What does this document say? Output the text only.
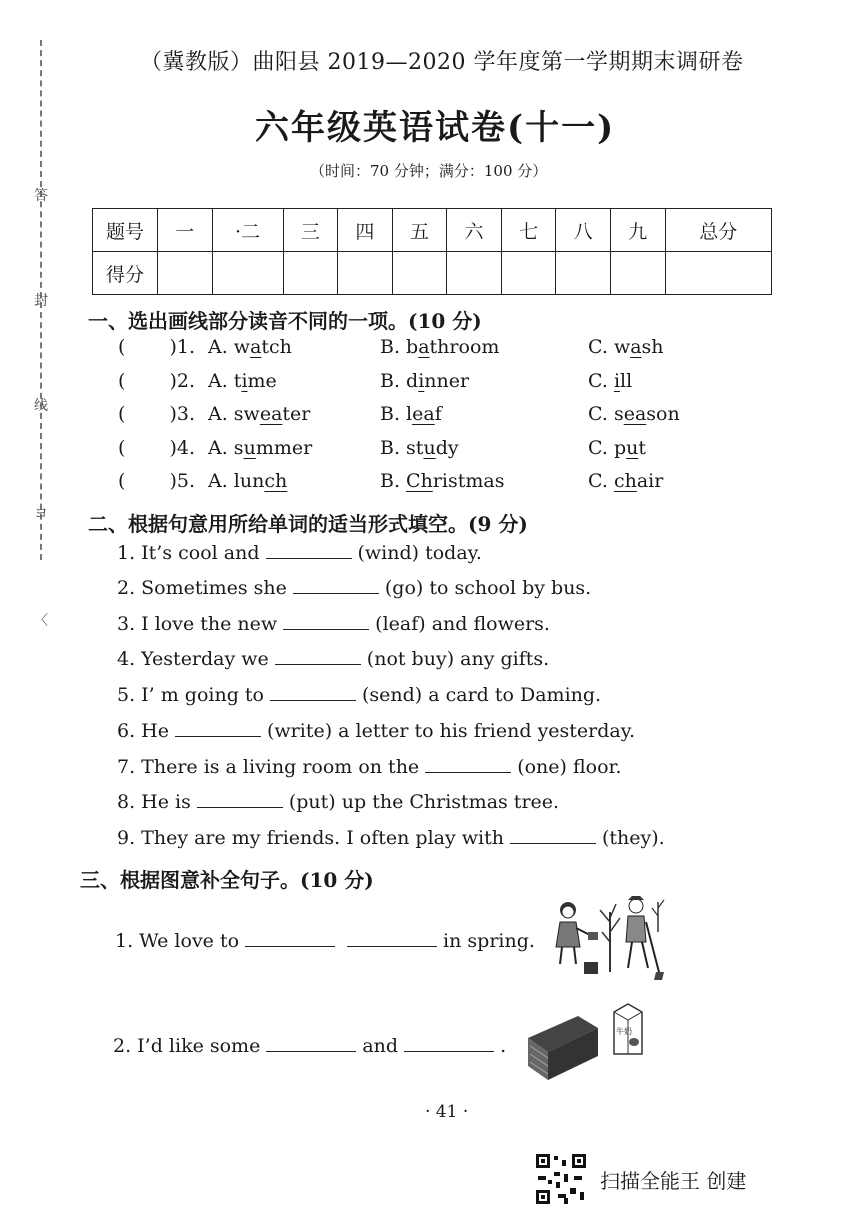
答
封
线
ヨ
〈
（冀教版）曲阳县 2019—2020 学年度第一学期期末调研卷
六年级英语试卷(十一)
（时间：70 分钟；满分：100 分）
题号	一	·二	三	四	五	六	七	八	九	总分
得分										
一、选出画线部分读音不同的一项。(10 分)
( )1. A. watch	B. bathroom	C. wash
( )2. A. time	B. dinner	C. ill
( )3. A. sweater	B. leaf	C. season
( )4. A. summer	B. study	C. put
( )5. A. lunch	B. Christmas	C. chair
二、根据句意用所给单词的适当形式填空。(9 分)
1. It’s cool and	(wind) today.
2. Sometimes she	(go) to school by bus.
3. I love the new	(leaf) and flowers.
4. Yesterday we	(not buy) any gifts.
5. I’ m going to	(send) a card to Daming.
6. He	(write) a letter to his friend yesterday.
7. There is a living room on the	(one) floor.
8. He is	(put) up the Christmas tree.
9. They are my friends. I often play with	(they).
三、根据图意补全句子。(10 分)
1. We love to	in spring.
2. I’d like some	and	.
牛奶
· 41 ·
扫描全能王 创建
